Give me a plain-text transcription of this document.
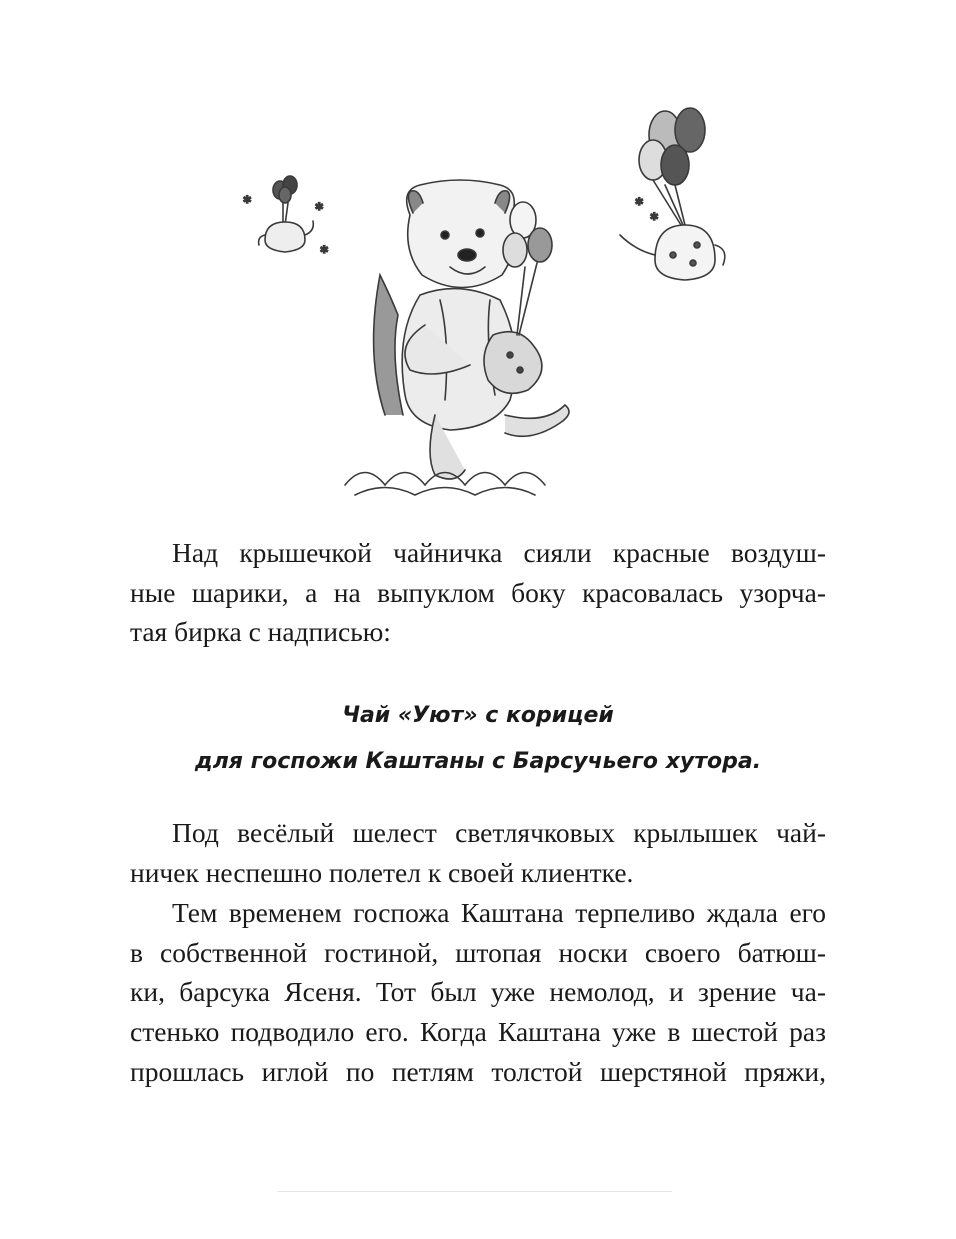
✲
✲
✲
✲
✲
Над крышечкой чайничка сияли красные воздуш-
ные шарики, а на выпуклом боку красовалась узорча-
тая бирка с надписью:
Чай «Уют» с корицей
для госпожи Каштаны с Барсучьего хутора.
Под весёлый шелест светлячковых крылышек чай-
ничек неспешно полетел к своей клиентке.
Тем временем госпожа Каштана терпеливо ждала его
в собственной гостиной, штопая носки своего батюш-
ки, барсука Ясеня. Тот был уже немолод, и зрение ча-
стенько подводило его. Когда Каштана уже в шестой раз
прошлась иглой по петлям толстой шерстяной пряжи,
